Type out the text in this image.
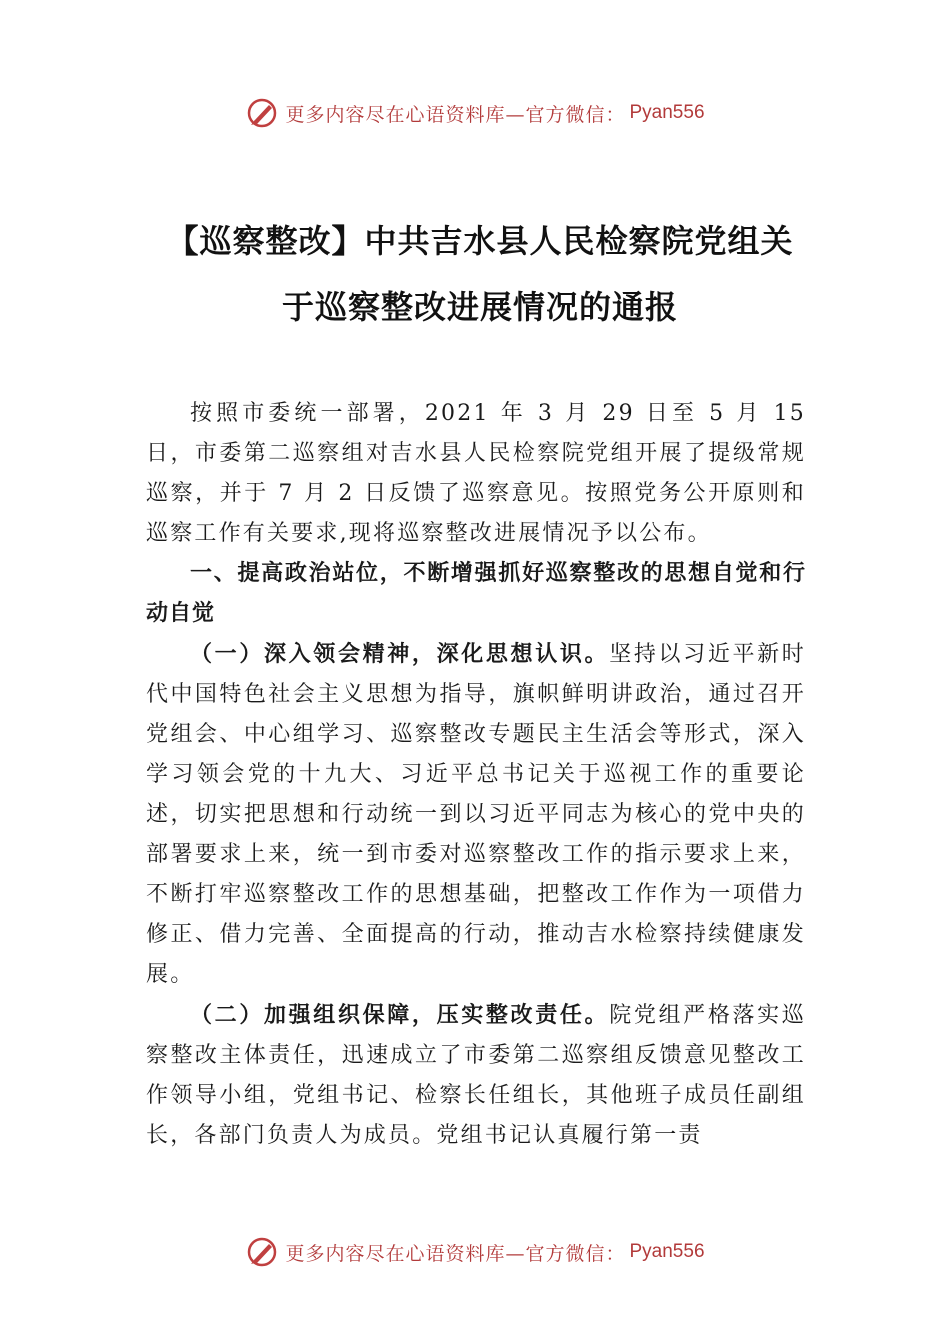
更多内容尽在心语资料库—官方微信： Pyan556
【巡察整改】中共吉水县人民检察院党组关
于巡察整改进展情况的通报

按照市委统一部署，2021 年 3 月 29 日至 5 月 15 日，市委第二巡察组对吉水县人民检察院党组开展了提级常规巡察，并于 7 月 2 日反馈了巡察意见。按照党务公开原则和巡察工作有关要求,现将巡察整改进展情况予以公布。

一、提高政治站位，不断增强抓好巡察整改的思想自觉和行动自觉

（一）深入领会精神，深化思想认识。坚持以习近平新时代中国特色社会主义思想为指导，旗帜鲜明讲政治，通过召开党组会、中心组学习、巡察整改专题民主生活会等形式，深入学习领会党的十九大、习近平总书记关于巡视工作的重要论述，切实把思想和行动统一到以习近平同志为核心的党中央的部署要求上来，统一到市委对巡察整改工作的指示要求上来，不断打牢巡察整改工作的思想基础，把整改工作作为一项借力修正、借力完善、全面提高的行动，推动吉水检察持续健康发展。

（二）加强组织保障，压实整改责任。院党组严格落实巡察整改主体责任，迅速成立了市委第二巡察组反馈意见整改工作领导小组，党组书记、检察长任组长，其他班子成员任副组长，各部门负责人为成员。党组书记认真履行第一责

更多内容尽在心语资料库—官方微信： Pyan556
